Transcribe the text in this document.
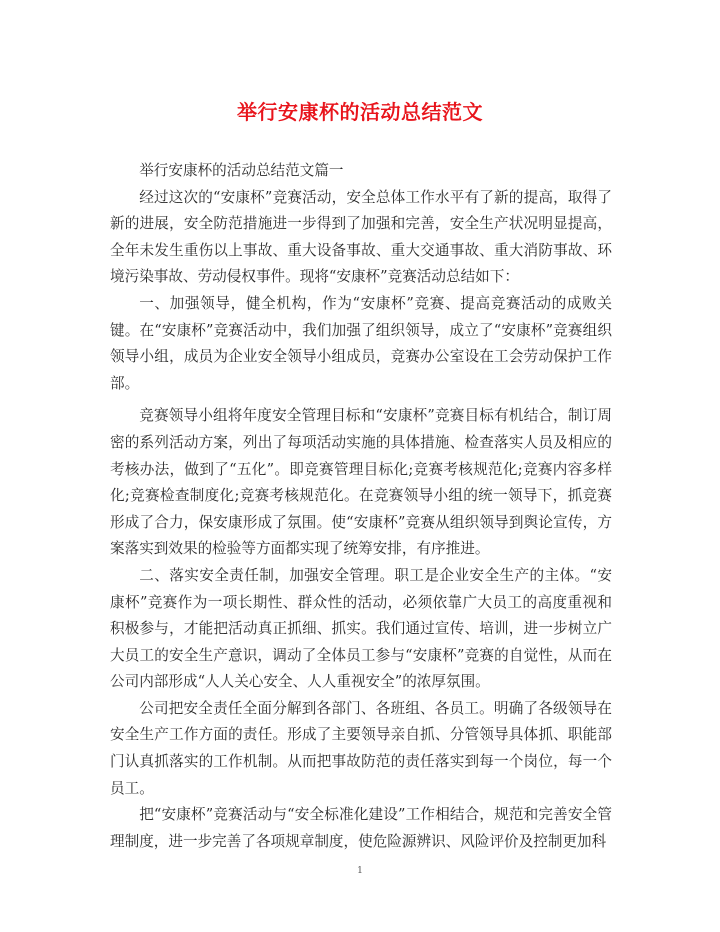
举行安康杯的活动总结范文

举行安康杯的活动总结范文篇一

经过这次的“安康杯”竞赛活动，安全总体工作水平有了新的提高，取得了新的进展，安全防范措施进一步得到了加强和完善，安全生产状况明显提高，全年未发生重伤以上事故、重大设备事故、重大交通事故、重大消防事故、环境污染事故、劳动侵权事件。现将“安康杯”竞赛活动总结如下：

一、加强领导，健全机构，作为“安康杯”竞赛、提高竞赛活动的成败关键。在“安康杯”竞赛活动中，我们加强了组织领导，成立了“安康杯”竞赛组织领导小组，成员为企业安全领导小组成员，竞赛办公室设在工会劳动保护工作部。

竞赛领导小组将年度安全管理目标和“安康杯”竞赛目标有机结合，制订周密的系列活动方案，列出了每项活动实施的具体措施、检查落实人员及相应的考核办法，做到了“五化”。即竞赛管理目标化;竞赛考核规范化;竞赛内容多样化;竞赛检查制度化;竞赛考核规范化。在竞赛领导小组的统一领导下，抓竞赛形成了合力，保安康形成了氛围。使“安康杯”竞赛从组织领导到舆论宣传，方案落实到效果的检验等方面都实现了统筹安排，有序推进。

二、落实安全责任制，加强安全管理。职工是企业安全生产的主体。“安康杯”竞赛作为一项长期性、群众性的活动，必须依靠广大员工的高度重视和积极参与，才能把活动真正抓细、抓实。我们通过宣传、培训，进一步树立广大员工的安全生产意识，调动了全体员工参与“安康杯”竞赛的自觉性，从而在公司内部形成“人人关心安全、人人重视安全”的浓厚氛围。

公司把安全责任全面分解到各部门、各班组、各员工。明确了各级领导在安全生产工作方面的责任。形成了主要领导亲自抓、分管领导具体抓、职能部门认真抓落实的工作机制。从而把事故防范的责任落实到每一个岗位，每一个员工。

把“安康杯”竞赛活动与“安全标准化建设”工作相结合，规范和完善安全管理制度，进一步完善了各项规章制度，使危险源辨识、风险评价及控制更加科

1
